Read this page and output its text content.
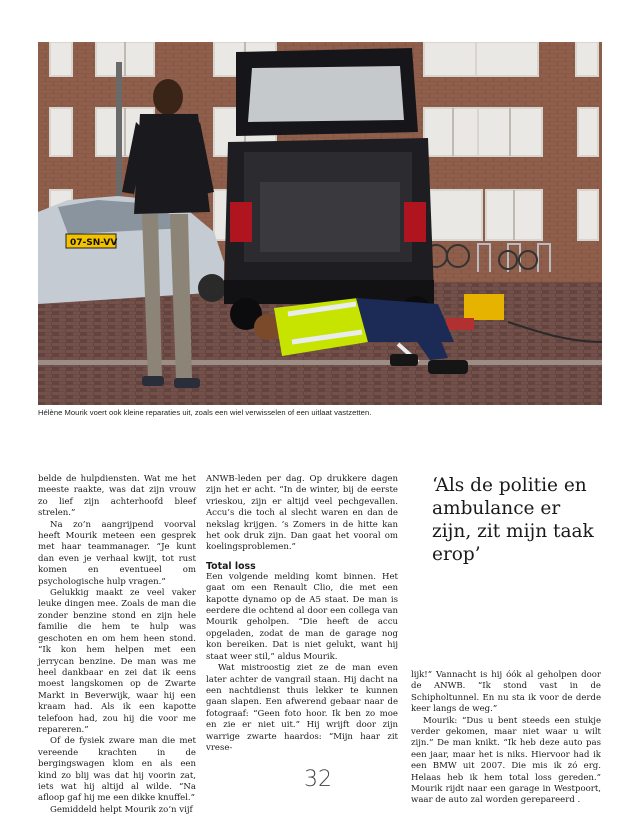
07-SN-VV
Hélène Mourik voert ook kleine reparaties uit, zoals een wiel verwisselen of een uitlaat vastzetten.

belde de hulpdiensten. Wat me het meeste raakte, was dat zijn vrouw zo lief zijn achterhoofd bleef strelen.”

Na zo’n aangrijpend voorval heeft Mourik meteen een gesprek met haar teammanager. “Je kunt dan even je verhaal kwijt, tot rust komen en eventueel om psychologische hulp vragen.”

Gelukkig maakt ze veel vaker leuke dingen mee. Zoals de man die zonder benzine stond en zijn hele familie die hem te hulp was geschoten en om hem heen stond. “Ik kon hem helpen met een jerrycan benzine. De man was me heel dankbaar en zei dat ik eens moest langskomen op de Zwarte Markt in Beverwijk, waar hij een kraam had. Als ik een kapotte telefoon had, zou hij die voor me repareren.”

Of de fysiek zware man die met vereende krachten in de bergingswagen klom en als een kind zo blij was dat hij voorin zat, iets wat hij altijd al wilde. “Na afloop gaf hij me een dikke knuffel.”

Gemiddeld helpt Mourik zo’n vijf

ANWB-leden per dag. Op drukkere dagen zijn het er acht. “In de winter, bij de eerste vrieskou, zijn er altijd veel pechgevallen. Accu’s die toch al slecht waren en dan de nekslag krijgen. ’s Zomers in de hitte kan het ook druk zijn. Dan gaat het vooral om koelingsproblemen.”

Total loss

Een volgende melding komt binnen. Het gaat om een Renault Clio, die met een kapotte dynamo op de A5 staat. De man is eerdere die ochtend al door een collega van Mourik geholpen. “Die heeft de accu opgeladen, zodat de man de garage nog kon bereiken. Dat is niet gelukt, want hij staat weer stil,” aldus Mourik.

Wat mistroostig ziet ze de man even later achter de vangrail staan. Hij dacht na een nachtdienst thuis lekker te kunnen gaan slapen. Een afwerend gebaar naar de fotograaf: “Geen foto hoor. Ik ben zo moe en zie er niet uit.” Hij wrijft door zijn warrige zwarte haardos: “Mijn haar zit vrese-

‘Als de politie en ambulance er zijn, zit mijn taak erop’

lijk!” Vannacht is hij óók al geholpen door de ANWB. “Ik stond vast in de Schipholtunnel. En nu sta ik voor de derde keer langs de weg.”

Mourik: “Dus u bent steeds een stukje verder gekomen, maar niet waar u wilt zijn.” De man knikt. “Ik heb deze auto pas een jaar, maar het is niks. Hiervoor had ik een BMW uit 2007. Die mis ik zó erg. Helaas heb ik hem total loss gereden.” Mourik rijdt naar een garage in Westpoort, waar de auto zal worden gerepareerd .

32
